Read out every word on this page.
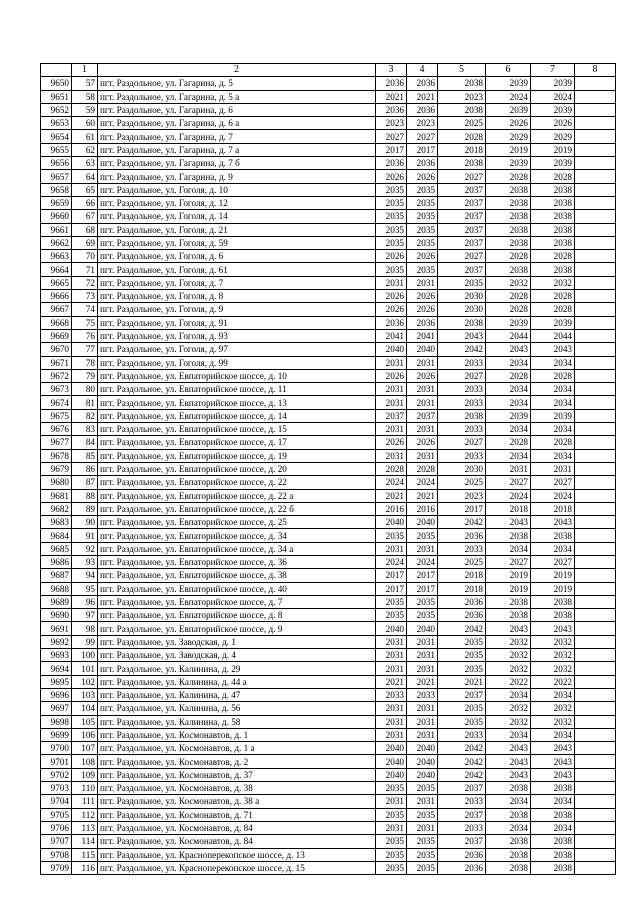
	1	2	3	4	5	6	7	8
9650	57	пгт. Раздольное, ул. Гагарина, д. 5	2036	2036	2038	2039	2039	
9651	58	пгт. Раздольное, ул. Гагарина, д. 5 а	2021	2021	2023	2024	2024	
9652	59	пгт. Раздольное, ул. Гагарина, д. 6	2036	2036	2038	2039	2039	
9653	60	пгт. Раздольное, ул. Гагарина, д. 6 а	2023	2023	2025	2026	2026	
9654	61	пгт. Раздольное, ул. Гагарина, д. 7	2027	2027	2028	2029	2029	
9655	62	пгт. Раздольное, ул. Гагарина, д. 7 а	2017	2017	2018	2019	2019	
9656	63	пгт. Раздольное, ул. Гагарина, д. 7 б	2036	2036	2038	2039	2039	
9657	64	пгт. Раздольное, ул. Гагарина, д. 9	2026	2026	2027	2028	2028	
9658	65	пгт. Раздольное, ул. Гоголя, д. 10	2035	2035	2037	2038	2038	
9659	66	пгт. Раздольное, ул. Гоголя, д. 12	2035	2035	2037	2038	2038	
9660	67	пгт. Раздольное, ул. Гоголя, д. 14	2035	2035	2037	2038	2038	
9661	68	пгт. Раздольное, ул. Гоголя, д. 21	2035	2035	2037	2038	2038	
9662	69	пгт. Раздольное, ул. Гоголя, д. 59	2035	2035	2037	2038	2038	
9663	70	пгт. Раздольное, ул. Гоголя, д. 6	2026	2026	2027	2028	2028	
9664	71	пгт. Раздольное, ул. Гоголя, д. 61	2035	2035	2037	2038	2038	
9665	72	пгт. Раздольное, ул. Гоголя, д. 7	2031	2031	2035	2032	2032	
9666	73	пгт. Раздольное, ул. Гоголя, д. 8	2026	2026	2030	2028	2028	
9667	74	пгт. Раздольное, ул. Гоголя, д. 9	2026	2026	2030	2028	2028	
9668	75	пгт. Раздольное, ул. Гоголя, д. 91	2036	2036	2038	2039	2039	
9669	76	пгт. Раздольное, ул. Гоголя, д. 93	2041	2041	2043	2044	2044	
9670	77	пгт. Раздольное, ул. Гоголя, д. 97	2040	2040	2042	2043	2043	
9671	78	пгт. Раздольное, ул. Гоголя, д. 99	2031	2031	2033	2034	2034	
9672	79	пгт. Раздольное, ул. Евпаторийское шоссе, д. 10	2026	2026	2027	2028	2028	
9673	80	пгт. Раздольное, ул. Евпаторийское шоссе, д. 11	2031	2031	2033	2034	2034	
9674	81	пгт. Раздольное, ул. Евпаторийское шоссе, д. 13	2031	2031	2033	2034	2034	
9675	82	пгт. Раздольное, ул. Евпаторийское шоссе, д. 14	2037	2037	2038	2039	2039	
9676	83	пгт. Раздольное, ул. Евпаторийское шоссе, д. 15	2031	2031	2033	2034	2034	
9677	84	пгт. Раздольное, ул. Евпаторийское шоссе, д. 17	2026	2026	2027	2028	2028	
9678	85	пгт. Раздольное, ул. Евпаторийское шоссе, д. 19	2031	2031	2033	2034	2034	
9679	86	пгт. Раздольное, ул. Евпаторийское шоссе, д. 20	2028	2028	2030	2031	2031	
9680	87	пгт. Раздольное, ул. Евпаторийское шоссе, д. 22	2024	2024	2025	2027	2027	
9681	88	пгт. Раздольное, ул. Евпаторийское шоссе, д. 22 а	2021	2021	2023	2024	2024	
9682	89	пгт. Раздольное, ул. Евпаторийское шоссе, д. 22 б	2016	2016	2017	2018	2018	
9683	90	пгт. Раздольное, ул. Евпаторийское шоссе, д. 25	2040	2040	2042	2043	2043	
9684	91	пгт. Раздольное, ул. Евпаторийское шоссе, д. 34	2035	2035	2036	2038	2038	
9685	92	пгт. Раздольное, ул. Евпаторийское шоссе, д. 34 а	2031	2031	2033	2034	2034	
9686	93	пгт. Раздольное, ул. Евпаторийское шоссе, д. 36	2024	2024	2025	2027	2027	
9687	94	пгт. Раздольное, ул. Евпаторийское шоссе, д. 38	2017	2017	2018	2019	2019	
9688	95	пгт. Раздольное, ул. Евпаторийское шоссе, д. 40	2017	2017	2018	2019	2019	
9689	96	пгт. Раздольное, ул. Евпаторийское шоссе, д. 7	2035	2035	2036	2038	2038	
9690	97	пгт. Раздольное, ул. Евпаторийское шоссе, д. 8	2035	2035	2036	2038	2038	
9691	98	пгт. Раздольное, ул. Евпаторийское шоссе, д. 9	2040	2040	2042	2043	2043	
9692	99	пгт. Раздольное, ул. Заводская, д. 1	2031	2031	2035	2032	2032	
9693	100	пгт. Раздольное, ул. Заводская, д. 4	2031	2031	2035	2032	2032	
9694	101	пгт. Раздольное, ул. Калинина, д. 29	2031	2031	2035	2032	2032	
9695	102	пгт. Раздольное, ул. Калинина, д. 44 а	2021	2021	2021	2022	2022	
9696	103	пгт. Раздольное, ул. Калинина, д. 47	2033	2033	2037	2034	2034	
9697	104	пгт. Раздольное, ул. Калинина, д. 56	2031	2031	2035	2032	2032	
9698	105	пгт. Раздольное, ул. Калинина, д. 58	2031	2031	2035	2032	2032	
9699	106	пгт. Раздольное, ул. Космонавтов, д. 1	2031	2031	2033	2034	2034	
9700	107	пгт. Раздольное, ул. Космонавтов, д. 1 а	2040	2040	2042	2043	2043	
9701	108	пгт. Раздольное, ул. Космонавтов, д. 2	2040	2040	2042	2043	2043	
9702	109	пгт. Раздольное, ул. Космонавтов, д. 37	2040	2040	2042	2043	2043	
9703	110	пгт. Раздольное, ул. Космонавтов, д. 38	2035	2035	2037	2038	2038	
9704	111	пгт. Раздольное, ул. Космонавтов, д. 38 а	2031	2031	2033	2034	2034	
9705	112	пгт. Раздольное, ул. Космонавтов, д. 71	2035	2035	2037	2038	2038	
9706	113	пгт. Раздольное, ул. Космонавтов, д. 84	2031	2031	2033	2034	2034	
9707	114	пгт. Раздольное, ул. Космонавтов, д. 84	2035	2035	2037	2038	2038	
9708	115	пгт. Раздольное, ул. Красноперекопское шоссе, д. 13	2035	2035	2036	2038	2038	
9709	116	пгт. Раздольное, ул. Красноперекопское шоссе, д. 15	2035	2035	2036	2038	2038	
